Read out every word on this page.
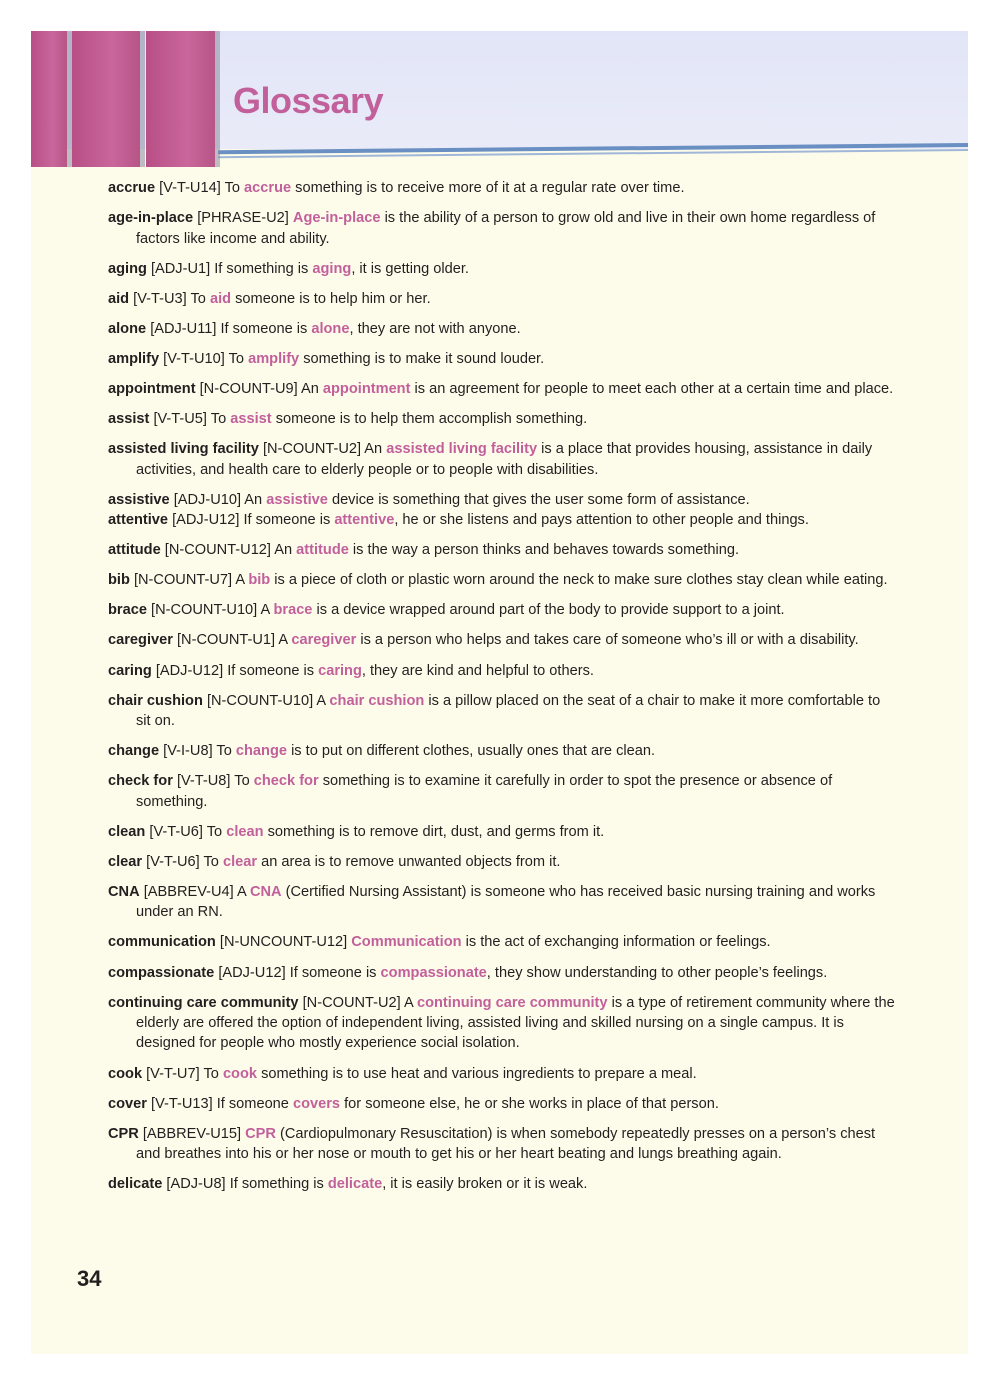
Glossary
accrue [V-T-U14] To accrue something is to receive more of it at a regular rate over time.
age-in-place [PHRASE-U2] Age-in-place is the ability of a person to grow old and live in their own home regardless of factors like income and ability.
aging [ADJ-U1] If something is aging, it is getting older.
aid [V-T-U3] To aid someone is to help him or her.
alone [ADJ-U11] If someone is alone, they are not with anyone.
amplify [V-T-U10] To amplify something is to make it sound louder.
appointment [N-COUNT-U9] An appointment is an agreement for people to meet each other at a certain time and place.
assist [V-T-U5] To assist someone is to help them accomplish something.
assisted living facility [N-COUNT-U2] An assisted living facility is a place that provides housing, assistance in daily activities, and health care to elderly people or to people with disabilities.
assistive [ADJ-U10] An assistive device is something that gives the user some form of assistance.
attentive [ADJ-U12] If someone is attentive, he or she listens and pays attention to other people and things.
attitude [N-COUNT-U12] An attitude is the way a person thinks and behaves towards something.
bib [N-COUNT-U7] A bib is a piece of cloth or plastic worn around the neck to make sure clothes stay clean while eating.
brace [N-COUNT-U10] A brace is a device wrapped around part of the body to provide support to a joint.
caregiver [N-COUNT-U1] A caregiver is a person who helps and takes care of someone who’s ill or with a disability.
caring [ADJ-U12] If someone is caring, they are kind and helpful to others.
chair cushion [N-COUNT-U10] A chair cushion is a pillow placed on the seat of a chair to make it more comfortable to sit on.
change [V-I-U8] To change is to put on different clothes, usually ones that are clean.
check for [V-T-U8] To check for something is to examine it carefully in order to spot the presence or absence of something.
clean [V-T-U6] To clean something is to remove dirt, dust, and germs from it.
clear [V-T-U6] To clear an area is to remove unwanted objects from it.
CNA [ABBREV-U4] A CNA (Certified Nursing Assistant) is someone who has received basic nursing training and works under an RN.
communication [N-UNCOUNT-U12] Communication is the act of exchanging information or feelings.
compassionate [ADJ-U12] If someone is compassionate, they show understanding to other people’s feelings.
continuing care community [N-COUNT-U2] A continuing care community is a type of retirement community where the elderly are offered the option of independent living, assisted living and skilled nursing on a single campus. It is designed for people who mostly experience social isolation.
cook [V-T-U7] To cook something is to use heat and various ingredients to prepare a meal.
cover [V-T-U13] If someone covers for someone else, he or she works in place of that person.
CPR [ABBREV-U15] CPR (Cardiopulmonary Resuscitation) is when somebody repeatedly presses on a person’s chest and breathes into his or her nose or mouth to get his or her heart beating and lungs breathing again.
delicate [ADJ-U8] If something is delicate, it is easily broken or it is weak.
34
